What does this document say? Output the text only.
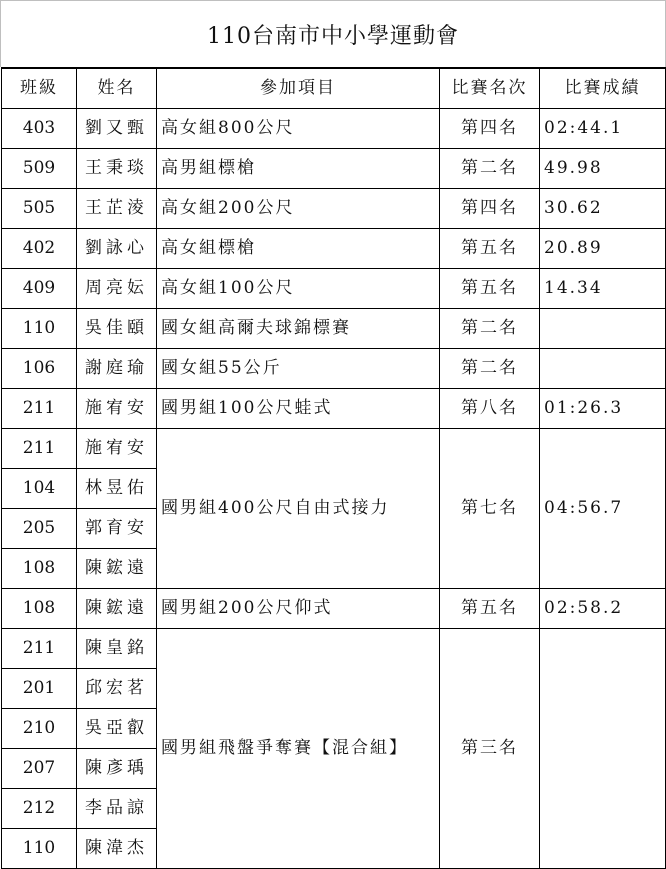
110台南市中小學運動會
班級	姓名	參加項目	比賽名次	比賽成績
403	劉又甄	高女組800公尺	第四名	02:44.1
509	王秉琰	高男組標槍	第二名	49.98
505	王芷淩	高女組200公尺	第四名	30.62
402	劉詠心	高女組標槍	第五名	20.89
409	周亮妘	高女組100公尺	第五名	14.34
110	吳佳頤	國女組高爾夫球錦標賽	第二名	
106	謝庭瑜	國女組55公斤	第二名	
211	施宥安	國男組100公尺蛙式	第八名	01:26.3
211	施宥安	國男組400公尺自由式接力	第七名	04:56.7
104	林昱佑			
205	郭育安			
108	陳鋐遠			
108	陳鋐遠	國男組200公尺仰式	第五名	02:58.2
211	陳皇銘	國男組飛盤爭奪賽【混合組】	第三名	
201	邱宏茗			
210	吳亞叡			
207	陳彥瑀			
212	李品諒			
110	陳湋杰			
